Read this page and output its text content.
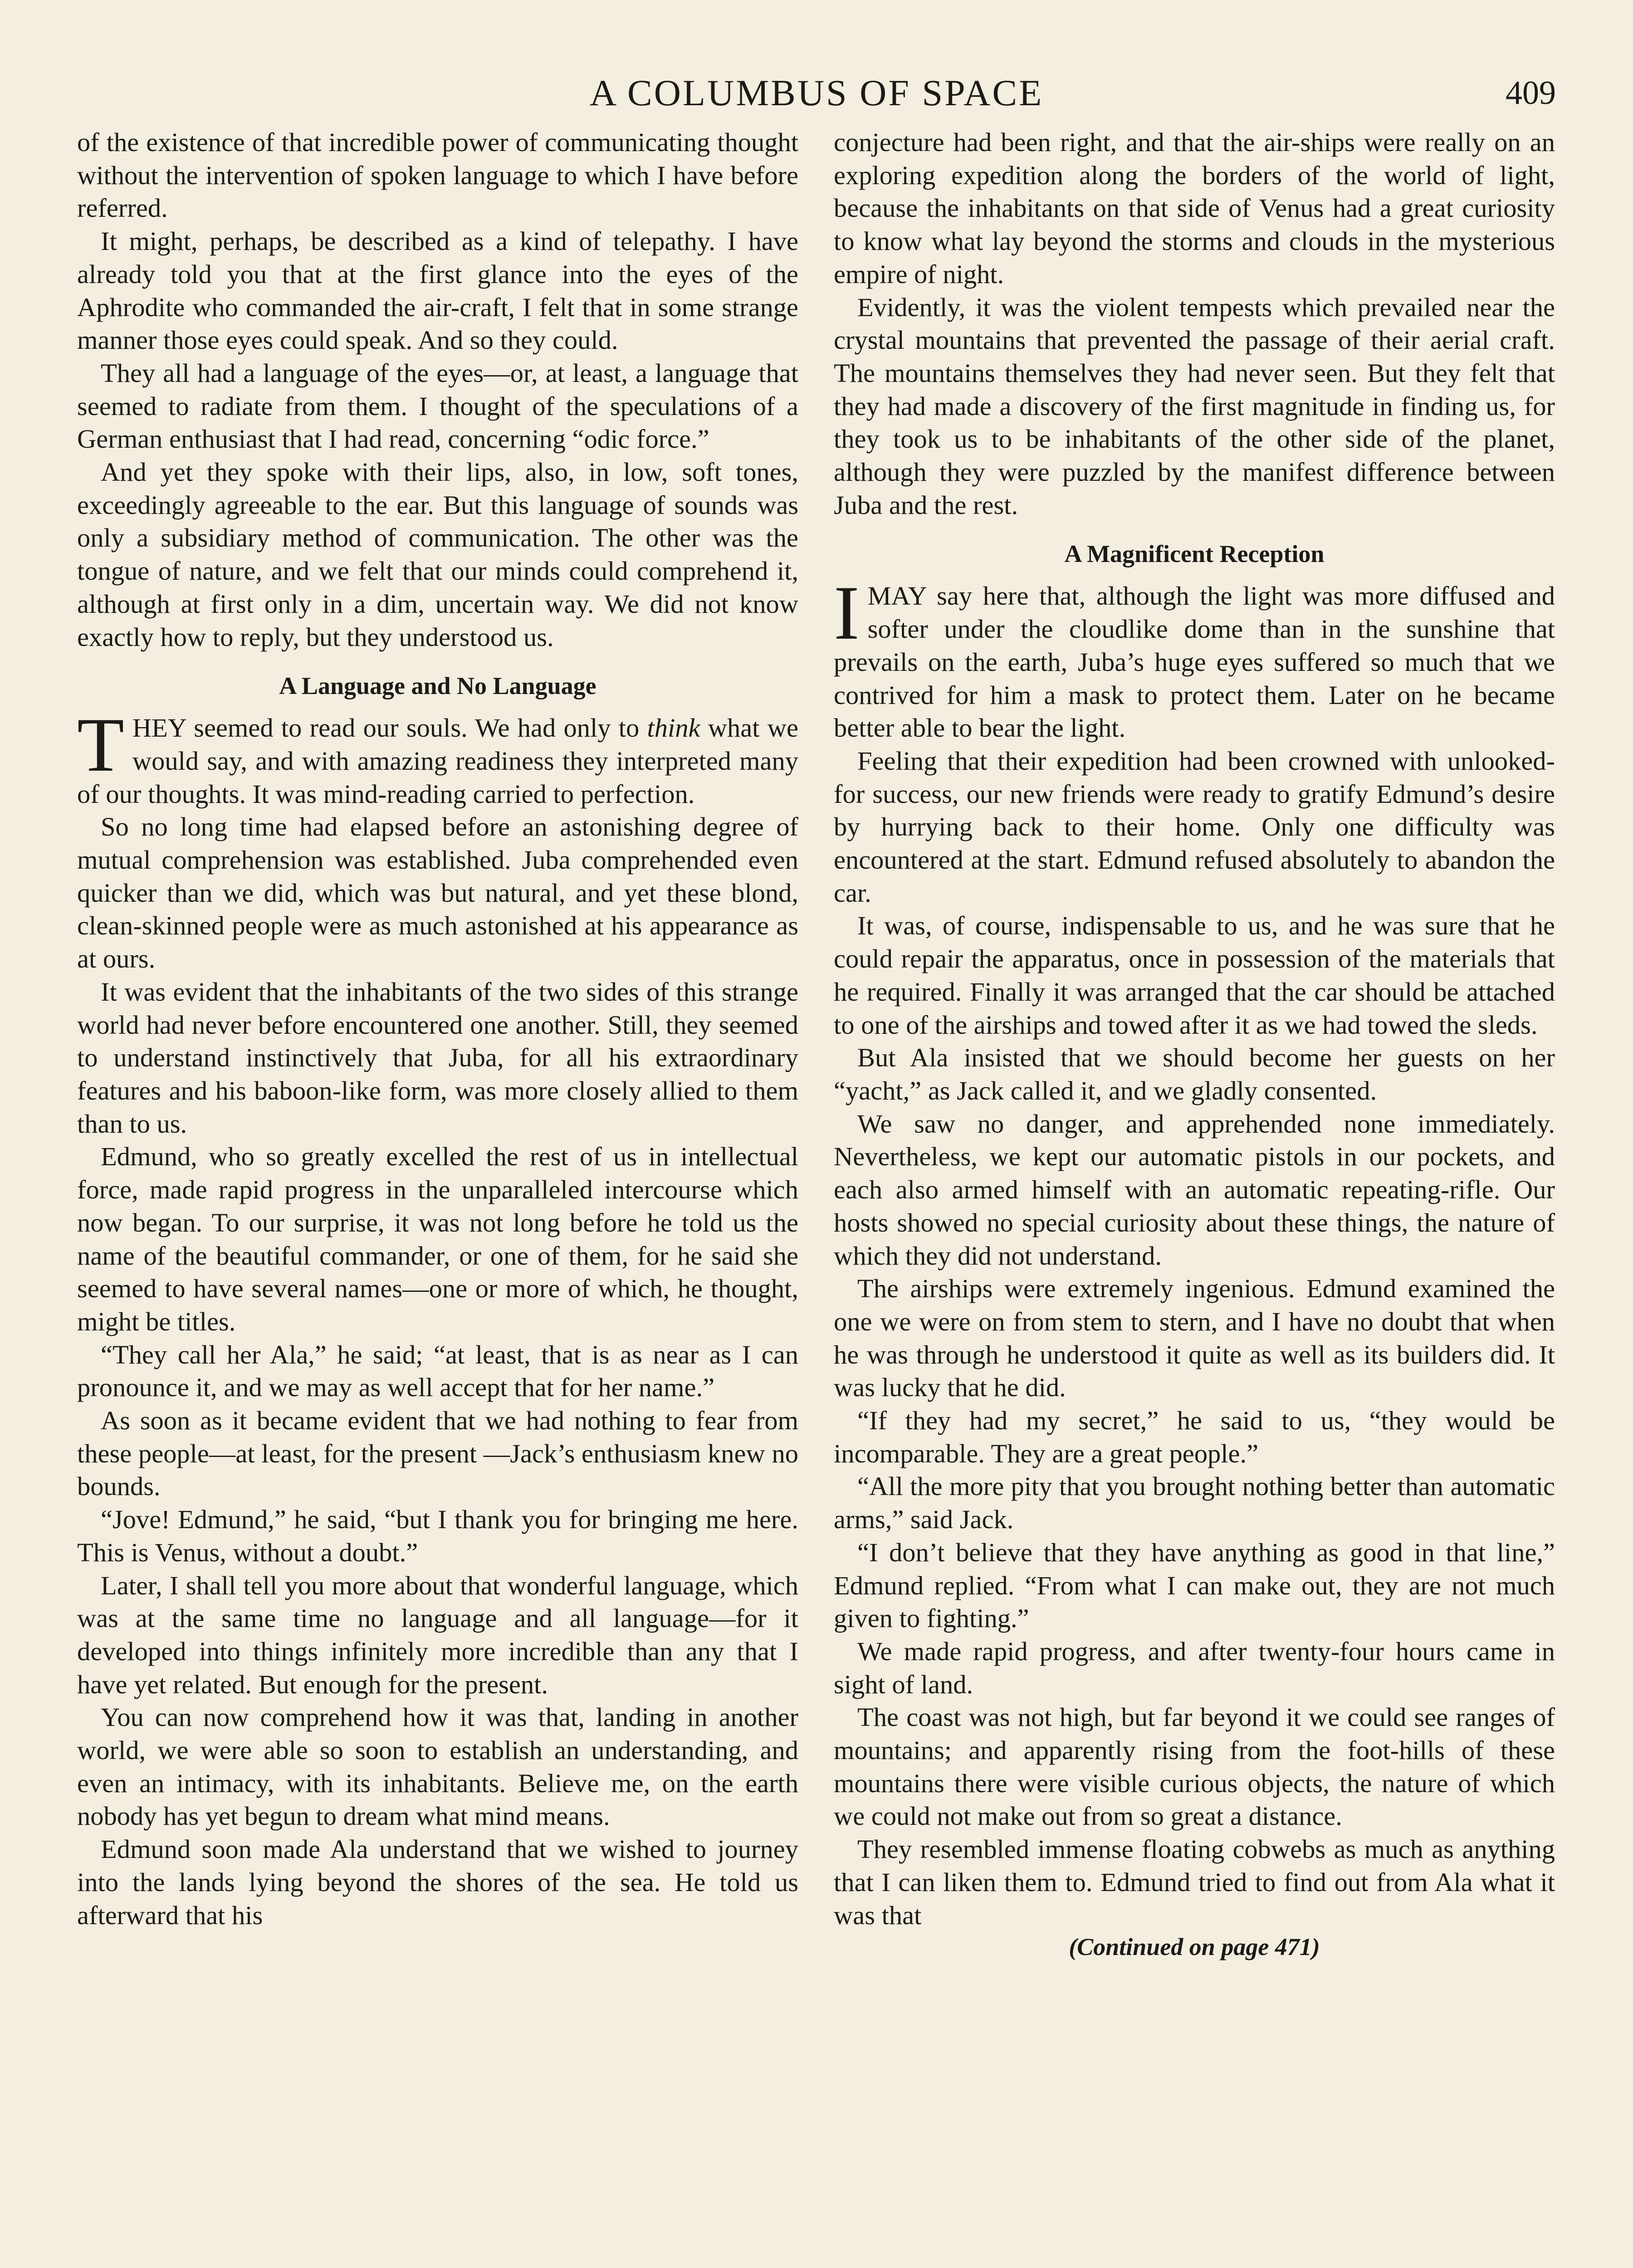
A COLUMBUS OF SPACE	409

of the existence of that incredible power of communicating thought without the intervention of spoken language to which I have before referred.

It might, perhaps, be described as a kind of telepathy. I have already told you that at the first glance into the eyes of the Aphrodite who commanded the air-craft, I felt that in some strange manner those eyes could speak. And so they could.

They all had a language of the eyes—or, at least, a language that seemed to radiate from them. I thought of the speculations of a German enthusiast that I had read, concerning “odic force.”

And yet they spoke with their lips, also, in low, soft tones, exceedingly agreeable to the ear. But this language of sounds was only a subsidiary method of communication. The other was the tongue of nature, and we felt that our minds could comprehend it, although at first only in a dim, uncertain way. We did not know exactly how to reply, but they understood us.

A Language and No Language

THEY seemed to read our souls. We had only to think what we would say, and with amazing readiness they interpreted many of our thoughts. It was mind-reading carried to perfection.

So no long time had elapsed before an astonishing degree of mutual comprehension was established. Juba comprehended even quicker than we did, which was but natural, and yet these blond, clean-skinned people were as much astonished at his appearance as at ours.

It was evident that the inhabitants of the two sides of this strange world had never before encountered one another. Still, they seemed to understand instinctively that Juba, for all his extraordinary features and his baboon-like form, was more closely allied to them than to us.

Edmund, who so greatly excelled the rest of us in intellectual force, made rapid progress in the unparalleled intercourse which now began. To our surprise, it was not long before he told us the name of the beautiful commander, or one of them, for he said she seemed to have several names—one or more of which, he thought, might be titles.

“They call her Ala,” he said; “at least, that is as near as I can pronounce it, and we may as well accept that for her name.”

As soon as it became evident that we had nothing to fear from these people—at least, for the present —Jack’s enthusiasm knew no bounds.

“Jove! Edmund,” he said, “but I thank you for bringing me here. This is Venus, without a doubt.”

Later, I shall tell you more about that wonderful language, which was at the same time no language and all language—for it developed into things infinitely more incredible than any that I have yet related. But enough for the present.

You can now comprehend how it was that, landing in another world, we were able so soon to establish an understanding, and even an intimacy, with its inhabitants. Believe me, on the earth nobody has yet begun to dream what mind means.

Edmund soon made Ala understand that we wished to journey into the lands lying beyond the shores of the sea. He told us afterward that his

conjecture had been right, and that the air-ships were really on an exploring expedition along the borders of the world of light, because the inhabitants on that side of Venus had a great curiosity to know what lay beyond the storms and clouds in the mysterious empire of night.

Evidently, it was the violent tempests which prevailed near the crystal mountains that prevented the passage of their aerial craft. The mountains themselves they had never seen. But they felt that they had made a discovery of the first magnitude in finding us, for they took us to be inhabitants of the other side of the planet, although they were puzzled by the manifest difference between Juba and the rest.

A Magnificent Reception

I MAY say here that, although the light was more diffused and softer under the cloudlike dome than in the sunshine that prevails on the earth, Juba’s huge eyes suffered so much that we contrived for him a mask to protect them. Later on he became better able to bear the light.

Feeling that their expedition had been crowned with unlooked-for success, our new friends were ready to gratify Edmund’s desire by hurrying back to their home. Only one difficulty was encountered at the start. Edmund refused absolutely to abandon the car.

It was, of course, indispensable to us, and he was sure that he could repair the apparatus, once in possession of the materials that he required. Finally it was arranged that the car should be attached to one of the airships and towed after it as we had towed the sleds.

But Ala insisted that we should become her guests on her “yacht,” as Jack called it, and we gladly consented.

We saw no danger, and apprehended none immediately. Nevertheless, we kept our automatic pistols in our pockets, and each also armed himself with an automatic repeating-rifle. Our hosts showed no special curiosity about these things, the nature of which they did not understand.

The airships were extremely ingenious. Edmund examined the one we were on from stem to stern, and I have no doubt that when he was through he understood it quite as well as its builders did. It was lucky that he did.

“If they had my secret,” he said to us, “they would be incomparable. They are a great people.”

“All the more pity that you brought nothing better than automatic arms,” said Jack.

“I don’t believe that they have anything as good in that line,” Edmund replied. “From what I can make out, they are not much given to fighting.”

We made rapid progress, and after twenty-four hours came in sight of land.

The coast was not high, but far beyond it we could see ranges of mountains; and apparently rising from the foot-hills of these mountains there were visible curious objects, the nature of which we could not make out from so great a distance.

They resembled immense floating cobwebs as much as anything that I can liken them to. Edmund tried to find out from Ala what it was that

(Continued on page 471)
